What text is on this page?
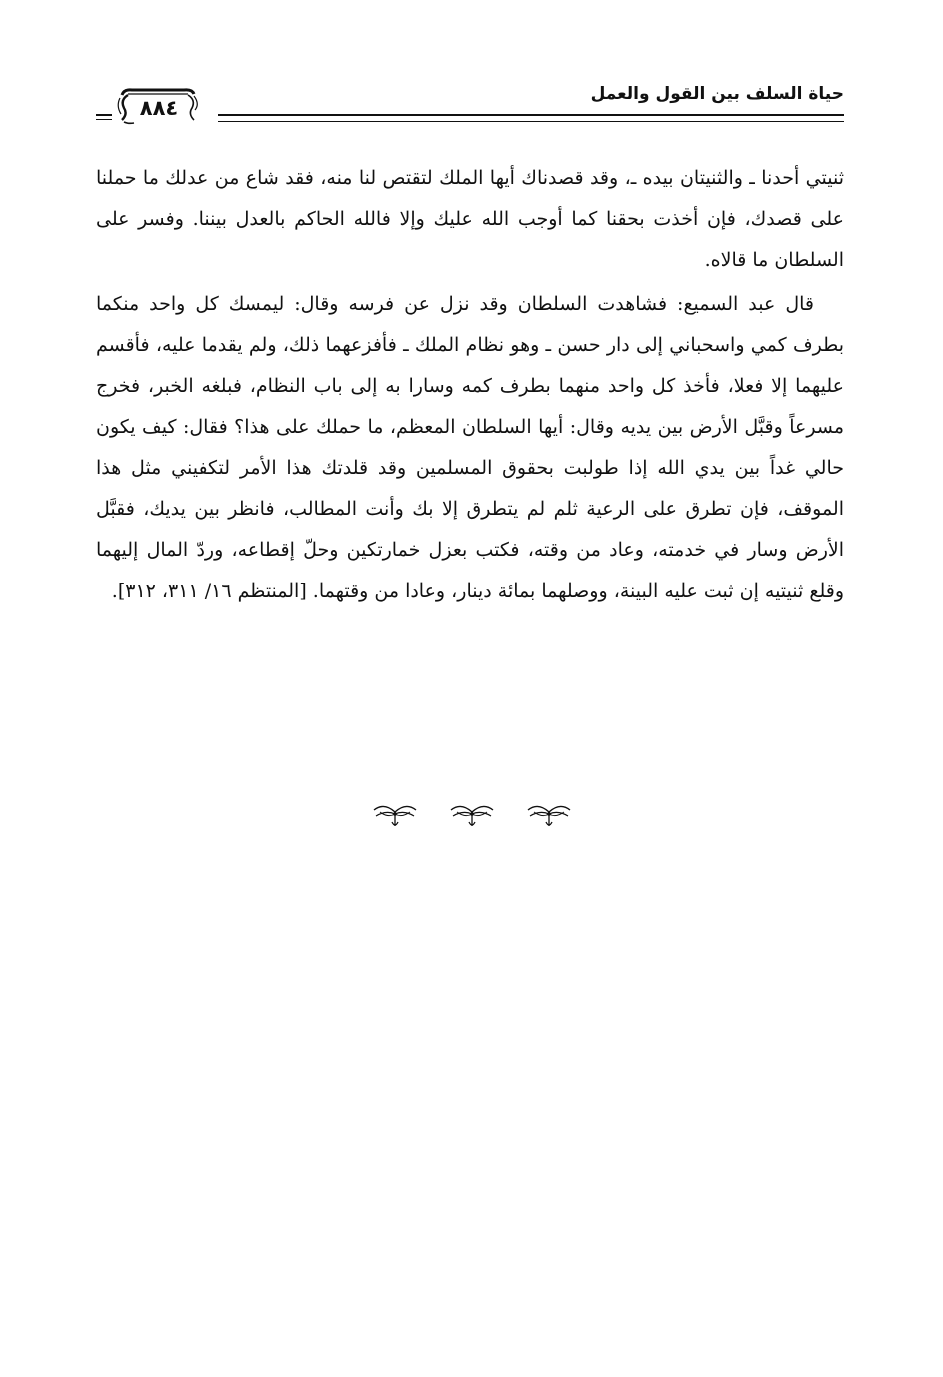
حياة السلف بين القول والعمل
٨٨٤

ثنيتي أحدنا ـ والثنيتان بيده ـ، وقد قصدناك أيها الملك لتقتص لنا منه، فقد شاع من عدلك ما حملنا على قصدك، فإن أخذت بحقنا كما أوجب الله عليك وإلا فالله الحاكم بالعدل بيننا. وفسر على السلطان ما قالاه.

قال عبد السميع: فشاهدت السلطان وقد نزل عن فرسه وقال: ليمسك كل واحد منكما بطرف كمي واسحباني إلى دار حسن ـ وهو نظام الملك ـ فأفزعهما ذلك، ولم يقدما عليه، فأقسم عليهما إلا فعلا، فأخذ كل واحد منهما بطرف كمه وسارا به إلى باب النظام، فبلغه الخبر، فخرج مسرعاً وقبَّل الأرض بين يديه وقال: أيها السلطان المعظم، ما حملك على هذا؟ فقال: كيف يكون حالي غداً بين يدي الله إذا طولبت بحقوق المسلمين وقد قلدتك هذا الأمر لتكفيني مثل هذا الموقف، فإن تطرق على الرعية ثلم لم يتطرق إلا بك وأنت المطالب، فانظر بين يديك، فقبَّل الأرض وسار في خدمته، وعاد من وقته، فكتب بعزل خمارتكين وحلّ إقطاعه، وردّ المال إليهما وقلع ثنيتيه إن ثبت عليه البينة، ووصلهما بمائة دينار، وعادا من وقتهما. [المنتظم ١٦/ ٣١١، ٣١٢].
